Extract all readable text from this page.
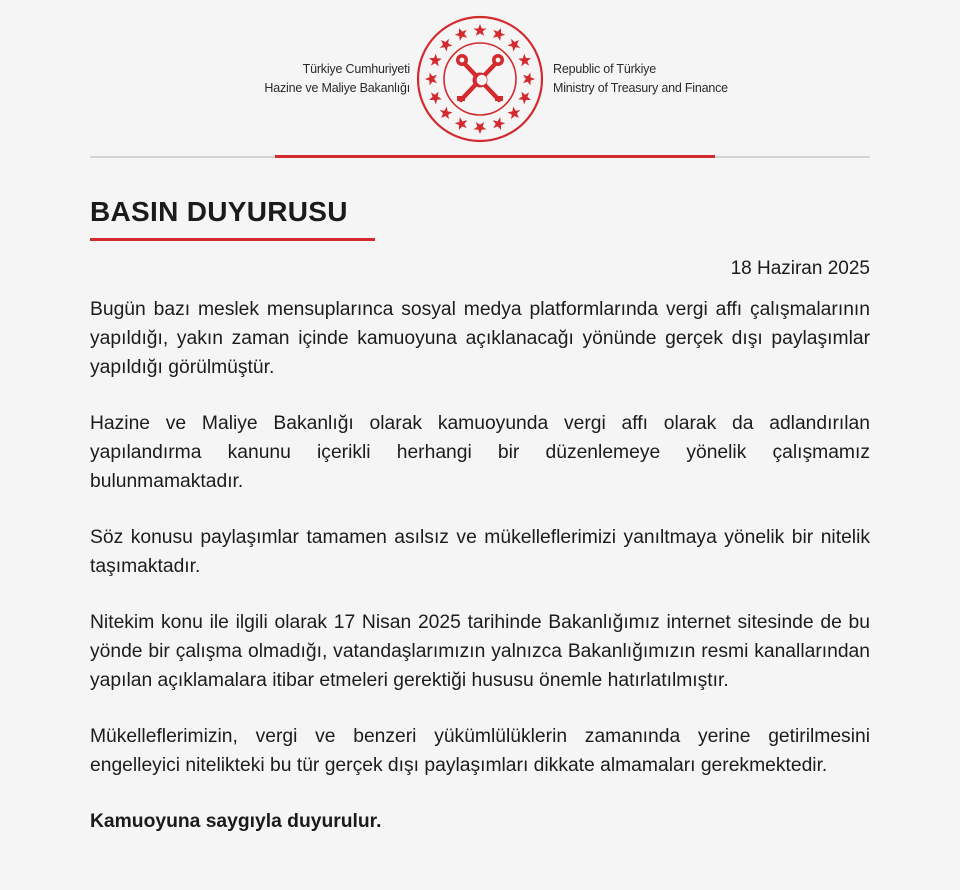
Türkiye Cumhuriyeti
Hazine ve Maliye Bakanlığı
Republic of Türkiye
Ministry of Treasury and Finance
BASIN DUYURUSU
18 Haziran 2025

Bugün bazı meslek mensuplarınca sosyal medya platformlarında vergi affı çalışmalarının yapıldığı, yakın zaman içinde kamuoyuna açıklanacağı yönünde gerçek dışı paylaşımlar yapıldığı görülmüştür.

Hazine ve Maliye Bakanlığı olarak kamuoyunda vergi affı olarak da adlandırılan yapılandırma kanunu içerikli herhangi bir düzenlemeye yönelik çalışmamız bulunmamaktadır.

Söz konusu paylaşımlar tamamen asılsız ve mükelleflerimizi yanıltmaya yönelik bir nitelik taşımaktadır.

Nitekim konu ile ilgili olarak 17 Nisan 2025 tarihinde Bakanlığımız internet sitesinde de bu yönde bir çalışma olmadığı, vatandaşlarımızın yalnızca Bakanlığımızın resmi kanallarından yapılan açıklamalara itibar etmeleri gerektiği hususu önemle hatırlatılmıştır.

Mükelleflerimizin, vergi ve benzeri yükümlülüklerin zamanında yerine getirilmesini engelleyici nitelikteki bu tür gerçek dışı paylaşımları dikkate almamaları gerekmektedir.

Kamuoyuna saygıyla duyurulur.
